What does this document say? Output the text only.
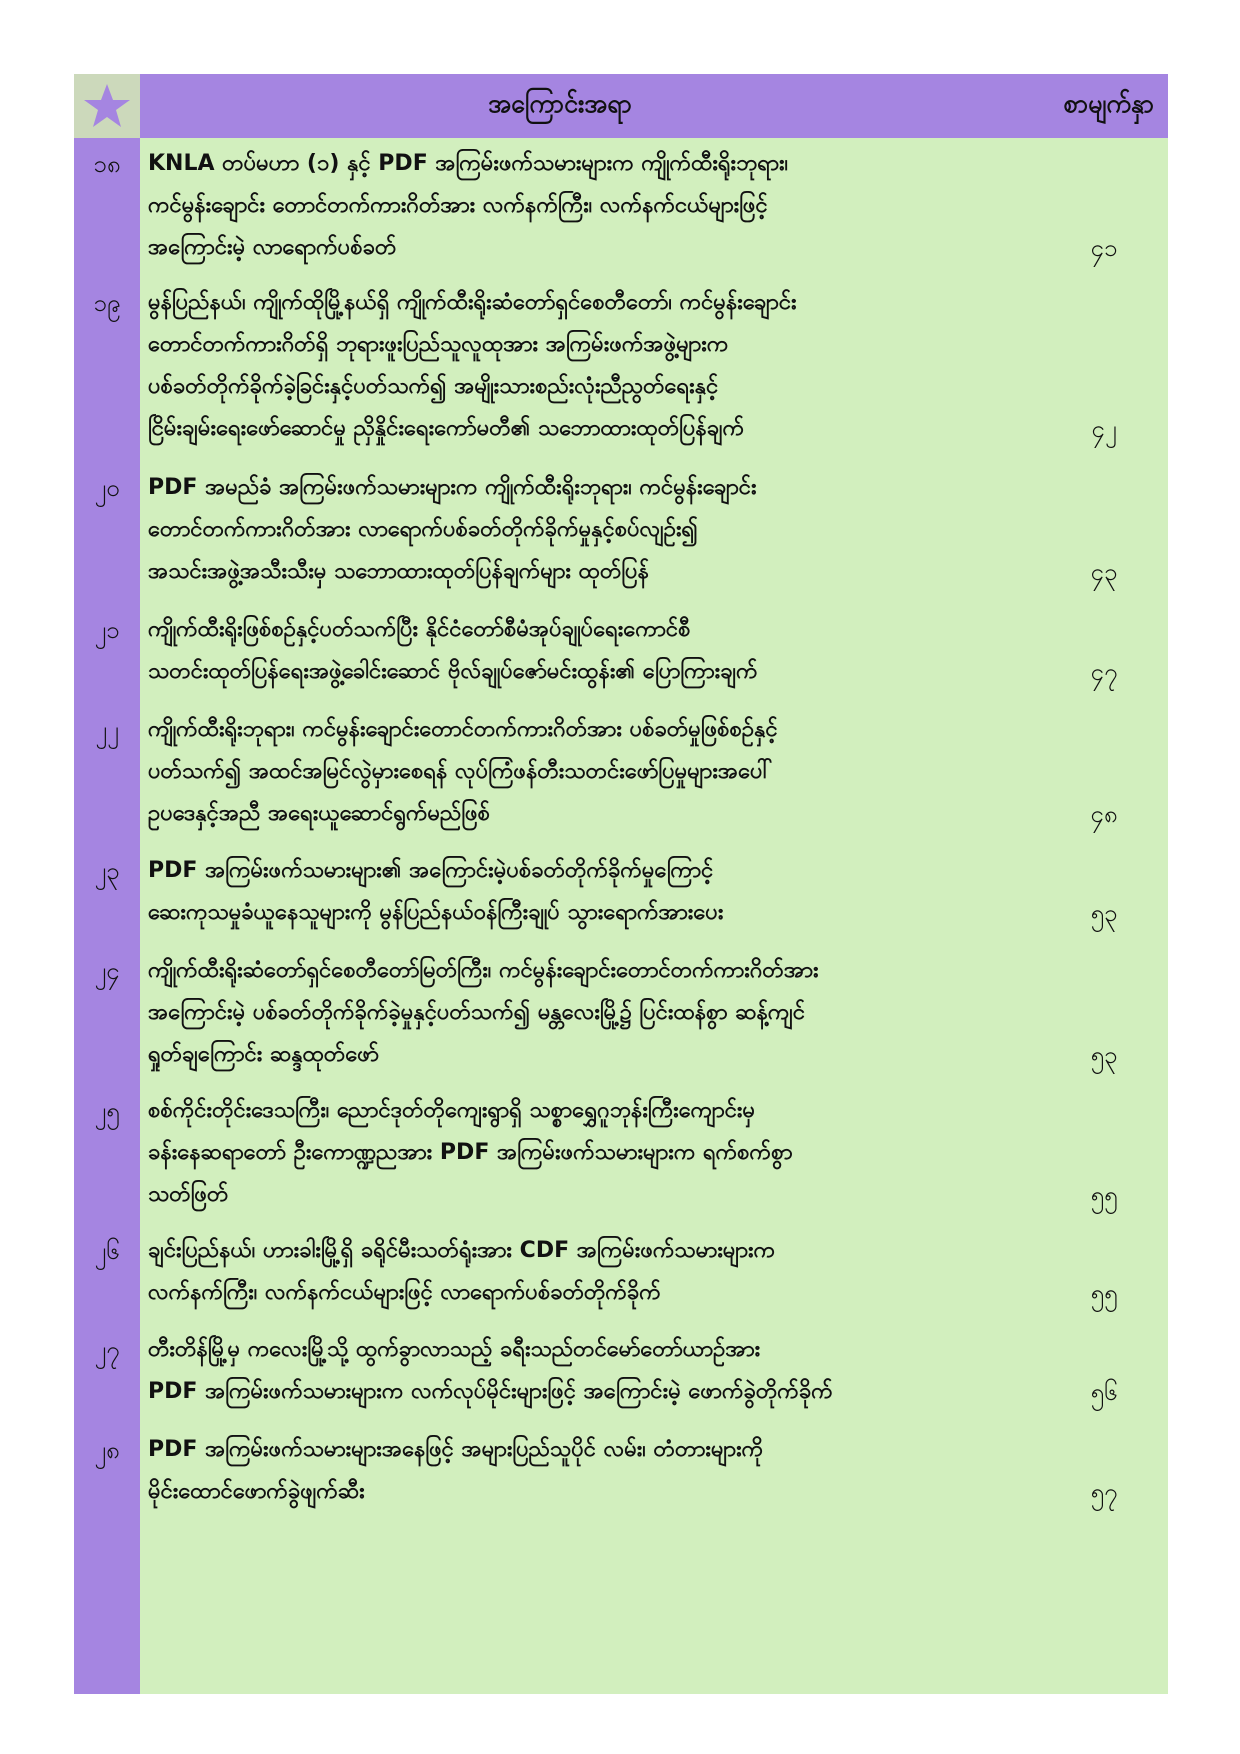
အကြောင်းအရာ	စာမျက်နှာ
၁၈	KNLA တပ်မဟာ (၁) နှင့် PDF အကြမ်းဖက်သမားများက ကျိုက်ထီးရိုးဘုရား၊
ကင်မွန်းချောင်း တောင်တက်ကားဂိတ်အား လက်နက်ကြီး၊ လက်နက်ငယ်များဖြင့်
အကြောင်းမဲ့ လာရောက်ပစ်ခတ်	၄၁
၁၉	မွန်ပြည်နယ်၊ ကျိုက်ထိုမြို့နယ်ရှိ ကျိုက်ထီးရိုးဆံတော်ရှင်စေတီတော်၊ ကင်မွန်းချောင်း
တောင်တက်ကားဂိတ်ရှိ ဘုရားဖူးပြည်သူလူထုအား အကြမ်းဖက်အဖွဲ့များက
ပစ်ခတ်တိုက်ခိုက်ခဲ့ခြင်းနှင့်ပတ်သက်၍ အမျိုးသားစည်းလုံးညီညွတ်ရေးနှင့်
ငြိမ်းချမ်းရေးဖော်ဆောင်မှု ညှိနှိုင်းရေးကော်မတီ၏ သဘောထားထုတ်ပြန်ချက်	၄၂
၂၀	PDF အမည်ခံ အကြမ်းဖက်သမားများက ကျိုက်ထီးရိုးဘုရား၊ ကင်မွန်းချောင်း
တောင်တက်ကားဂိတ်အား လာရောက်ပစ်ခတ်တိုက်ခိုက်မှုနှင့်စပ်လျဉ်း၍
အသင်းအဖွဲ့အသီးသီးမှ သဘောထားထုတ်ပြန်ချက်များ ထုတ်ပြန်	၄၃
၂၁	ကျိုက်ထီးရိုးဖြစ်စဉ်နှင့်ပတ်သက်ပြီး နိုင်ငံတော်စီမံအုပ်ချုပ်ရေးကောင်စီ
သတင်းထုတ်ပြန်ရေးအဖွဲ့ခေါင်းဆောင် ဗိုလ်ချုပ်ဇော်မင်းထွန်း၏ ပြောကြားချက်	၄၇
၂၂	ကျိုက်ထီးရိုးဘုရား၊ ကင်မွန်းချောင်းတောင်တက်ကားဂိတ်အား ပစ်ခတ်မှုဖြစ်စဉ်နှင့်
ပတ်သက်၍ အထင်အမြင်လွဲမှားစေရန် လုပ်ကြံဖန်တီးသတင်းဖော်ပြမှုများအပေါ်
ဥပဒေနှင့်အညီ အရေးယူဆောင်ရွက်မည်ဖြစ်	၄၈
၂၃	PDF အကြမ်းဖက်သမားများ၏ အကြောင်းမဲ့ပစ်ခတ်တိုက်ခိုက်မှုကြောင့်
ဆေးကုသမှုခံယူနေသူများကို မွန်ပြည်နယ်ဝန်ကြီးချုပ် သွားရောက်အားပေး	၅၃
၂၄	ကျိုက်ထီးရိုးဆံတော်ရှင်စေတီတော်မြတ်ကြီး၊ ကင်မွန်းချောင်းတောင်တက်ကားဂိတ်အား
အကြောင်းမဲ့ ပစ်ခတ်တိုက်ခိုက်ခဲ့မှုနှင့်ပတ်သက်၍ မန္တလေးမြို့၌ ပြင်းထန်စွာ ဆန့်ကျင်
ရှုတ်ချကြောင်း ဆန္ဒထုတ်ဖော်	၅၃
၂၅	စစ်ကိုင်းတိုင်းဒေသကြီး၊ ညောင်ဒုတ်တိုကျေးရွာရှိ သစ္စာရွှေဂူဘုန်းကြီးကျောင်းမှ
ခန်းနေဆရာတော် ဦးကောဏ္ဍညအား PDF အကြမ်းဖက်သမားများက ရက်စက်စွာ
သတ်ဖြတ်	၅၅
၂၆	ချင်းပြည်နယ်၊ ဟားခါးမြို့ရှိ ခရိုင်မီးသတ်ရုံးအား CDF အကြမ်းဖက်သမားများက
လက်နက်ကြီး၊ လက်နက်ငယ်များဖြင့် လာရောက်ပစ်ခတ်တိုက်ခိုက်	၅၅
၂၇	တီးတိန်မြို့မှ ကလေးမြို့သို့ ထွက်ခွာလာသည့် ခရီးသည်တင်မော်တော်ယာဉ်အား
PDF အကြမ်းဖက်သမားများက လက်လုပ်မိုင်းများဖြင့် အကြောင်းမဲ့ ဖောက်ခွဲတိုက်ခိုက်	၅၆
၂၈	PDF အကြမ်းဖက်သမားများအနေဖြင့် အများပြည်သူပိုင် လမ်း၊ တံတားများကို
မိုင်းထောင်ဖောက်ခွဲဖျက်ဆီး	၅၇
